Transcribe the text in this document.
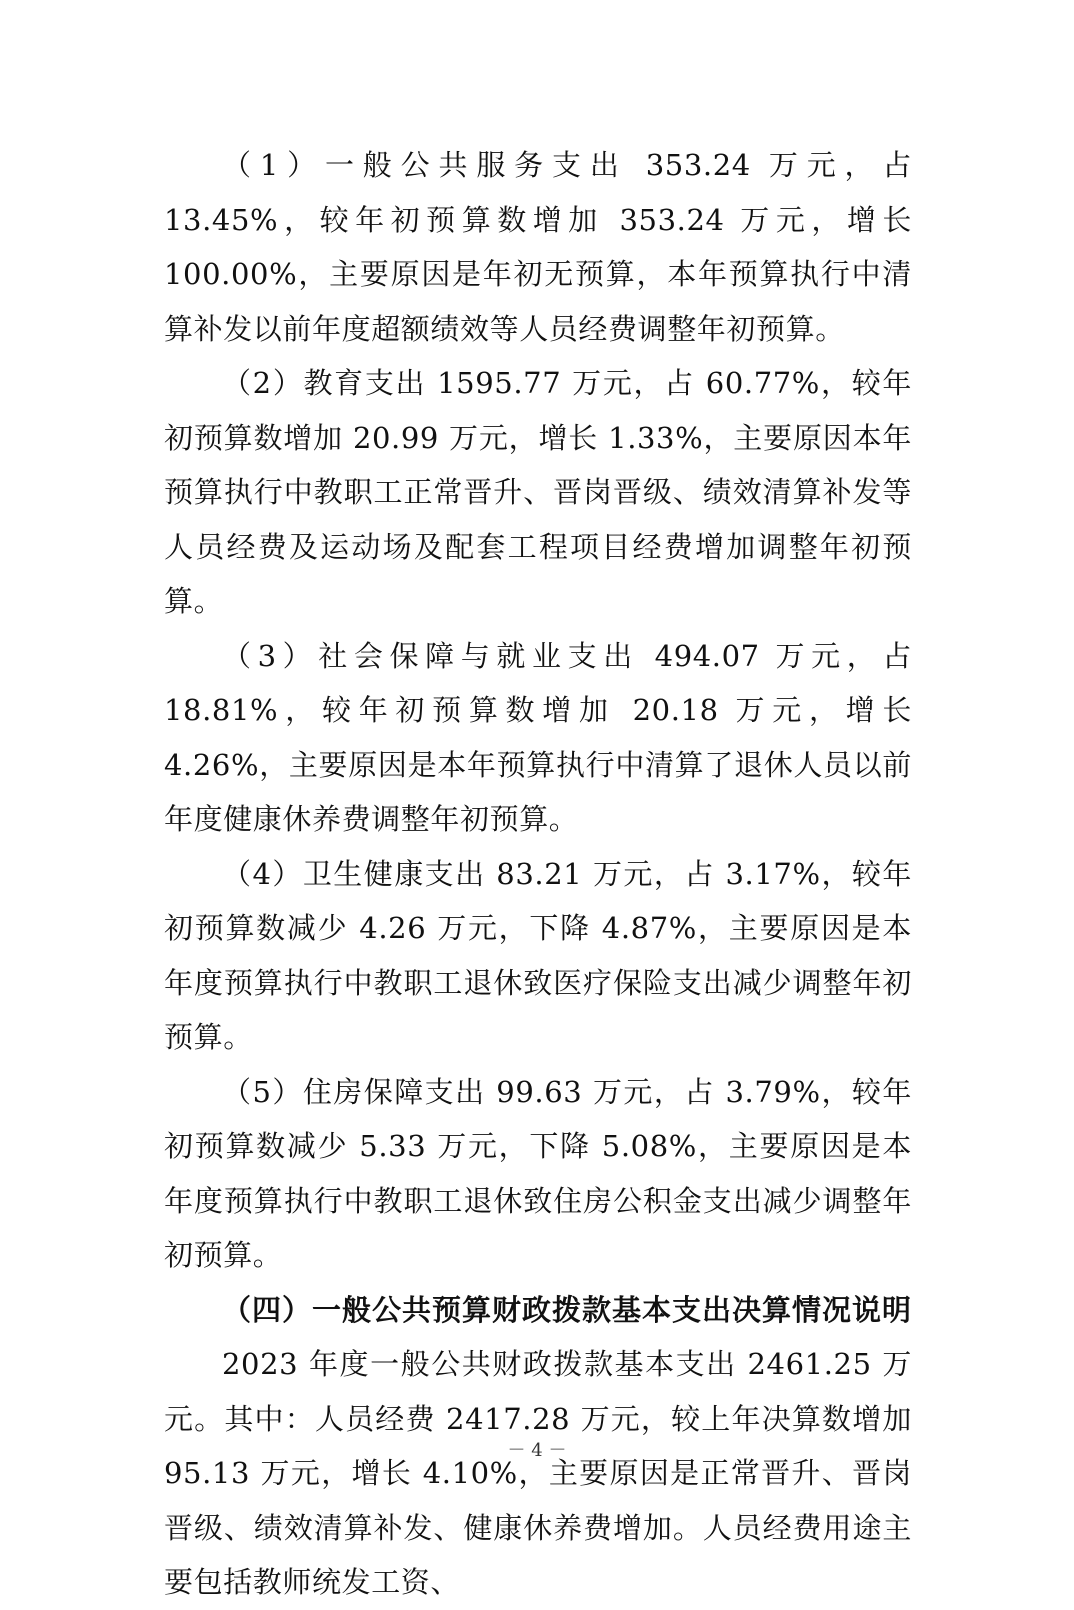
（1）一般公共服务支出 353.24 万元，占 13.45%，较年初预算数增加 353.24 万元，增长 100.00%，主要原因是年初无预算，本年预算执行中清算补发以前年度超额绩效等人员经费调整年初预算。

（2）教育支出 1595.77 万元，占 60.77%，较年初预算数增加 20.99 万元，增长 1.33%，主要原因本年预算执行中教职工正常晋升、晋岗晋级、绩效清算补发等人员经费及运动场及配套工程项目经费增加调整年初预算。

（3）社会保障与就业支出 494.07 万元，占 18.81%，较年初预算数增加 20.18 万元，增长 4.26%，主要原因是本年预算执行中清算了退休人员以前年度健康休养费调整年初预算。

（4）卫生健康支出 83.21 万元，占 3.17%，较年初预算数减少 4.26 万元，下降 4.87%，主要原因是本年度预算执行中教职工退休致医疗保险支出减少调整年初预算。

（5）住房保障支出 99.63 万元，占 3.79%，较年初预算数减少 5.33 万元，下降 5.08%，主要原因是本年度预算执行中教职工退休致住房公积金支出减少调整年初预算。

（四）一般公共预算财政拨款基本支出决算情况说明

2023 年度一般公共财政拨款基本支出 2461.25 万元。其中：人员经费 2417.28 万元，较上年决算数增加 95.13 万元，增长 4.10%，主要原因是正常晋升、晋岗晋级、绩效清算补发、健康休养费增加。人员经费用途主要包括教师统发工资、

－ 4 －
